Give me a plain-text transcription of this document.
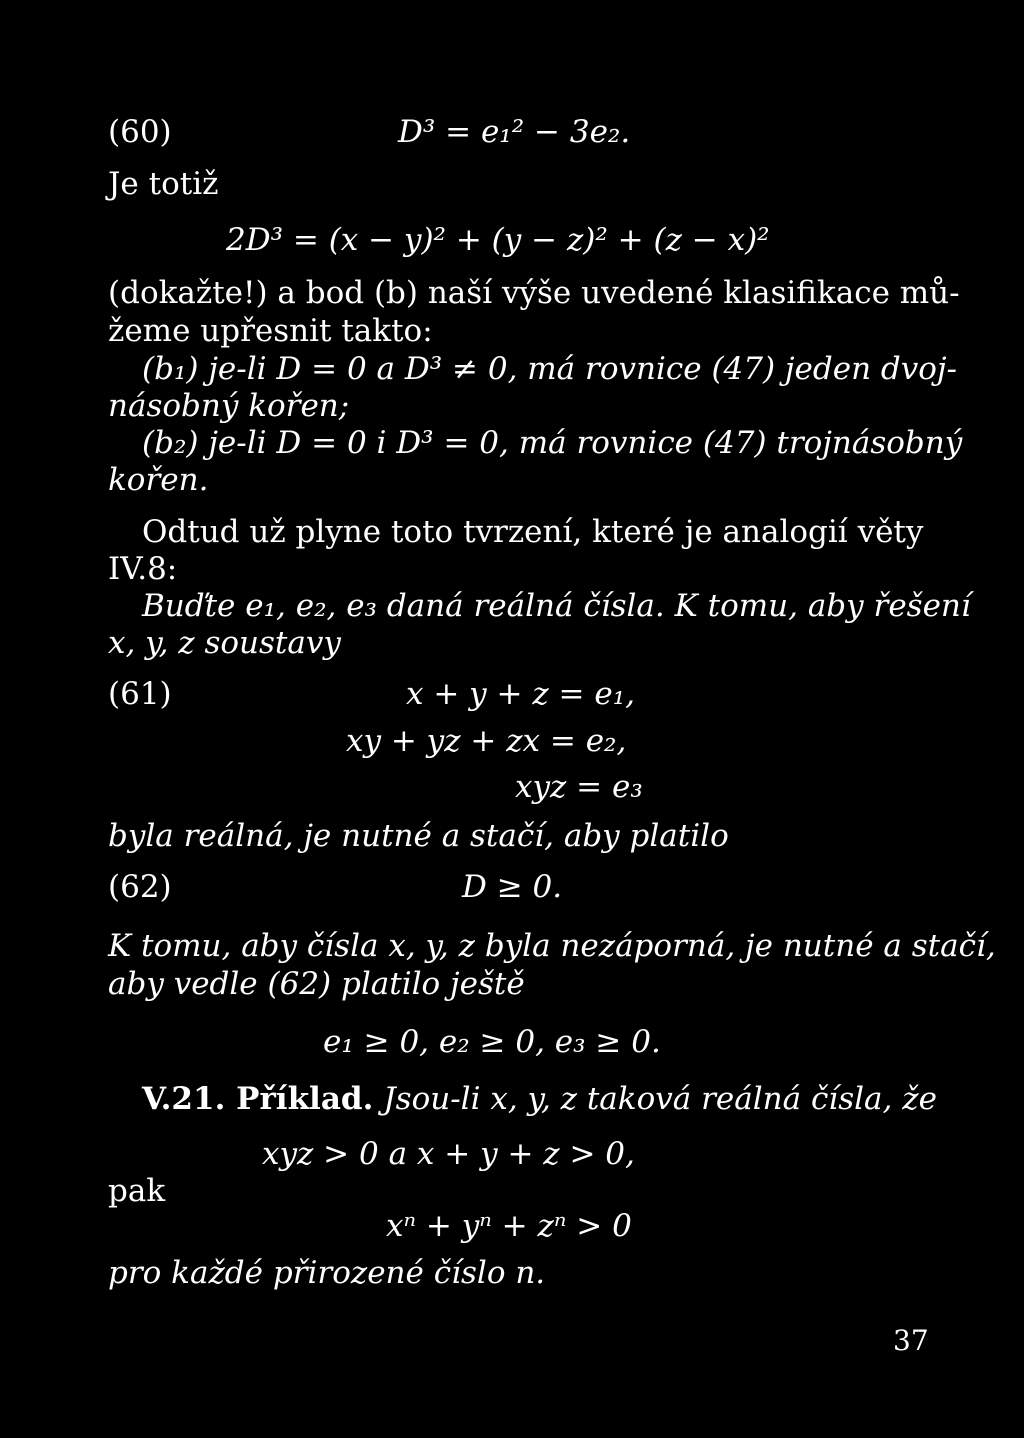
(60)	D³ = e₁² − 3e₂.
Je totiž
2D³ = (x − y)² + (y − z)² + (z − x)²
(dokažte!) a bod (b) naší výše uvedené klasifikace mů-
žeme upřesnit takto:
(b₁) je-li D = 0 a D³ ≠ 0, má rovnice (47) jeden dvoj-
násobný kořen;
(b₂) je-li D = 0 i D³ = 0, má rovnice (47) trojnásobný
kořen.
Odtud už plyne toto tvrzení, které je analogií věty
IV.8:
Buďte e₁, e₂, e₃ daná reálná čísla. K tomu, aby řešení
x, y, z soustavy
(61)	x + y + z = e₁,
xy + yz + zx = e₂,
xyz = e₃
byla reálná, je nutné a stačí, aby platilo
(62)	D ≥ 0.
K tomu, aby čísla x, y, z byla nezáporná, je nutné a stačí,
aby vedle (62) platilo ještě
e₁ ≥ 0, e₂ ≥ 0, e₃ ≥ 0.
V.21. Příklad. Jsou-li x, y, z taková reálná čísla, že
xyz > 0 a x + y + z > 0,
pak
xⁿ + yⁿ + zⁿ > 0
pro každé přirozené číslo n.
37
